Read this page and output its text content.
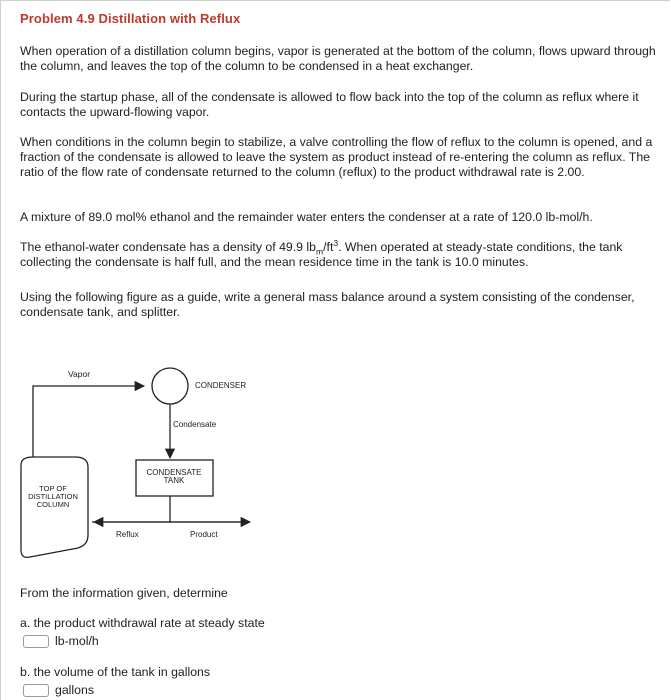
Problem 4.9 Distillation with Reflux
When operation of a distillation column begins, vapor is generated at the bottom of the column, flows upward through the column, and leaves the top of the column to be condensed in a heat exchanger.
During the startup phase, all of the condensate is allowed to flow back into the top of the column as reflux where it contacts the upward-flowing vapor.
When conditions in the column begin to stabilize, a valve controlling the flow of reflux to the column is opened, and a fraction of the condensate is allowed to leave the system as product instead of re-entering the column as reflux. The ratio of the flow rate of condensate returned to the column (reflux) to the product withdrawal rate is 2.00.
A mixture of 89.0 mol% ethanol and the remainder water enters the condenser at a rate of 120.0 lb-mol/h.
The ethanol-water condensate has a density of 49.9 $lb_m/ft^3$. When operated at steady-state conditions, the tank collecting the condensate is half full, and the mean residence time in the tank is 10.0 minutes.
Using the following figure as a guide, write a general mass balance around a system consisting of the condenser, condensate tank, and splitter.
Vapor
CONDENSER
Condensate
CONDENSATE
TANK
Reflux	Product
TOP OF
DISTILLATION
COLUMN
From the information given, determine
a. the product withdrawal rate at steady state
lb-mol/h
b. the volume of the tank in gallons
gallons
